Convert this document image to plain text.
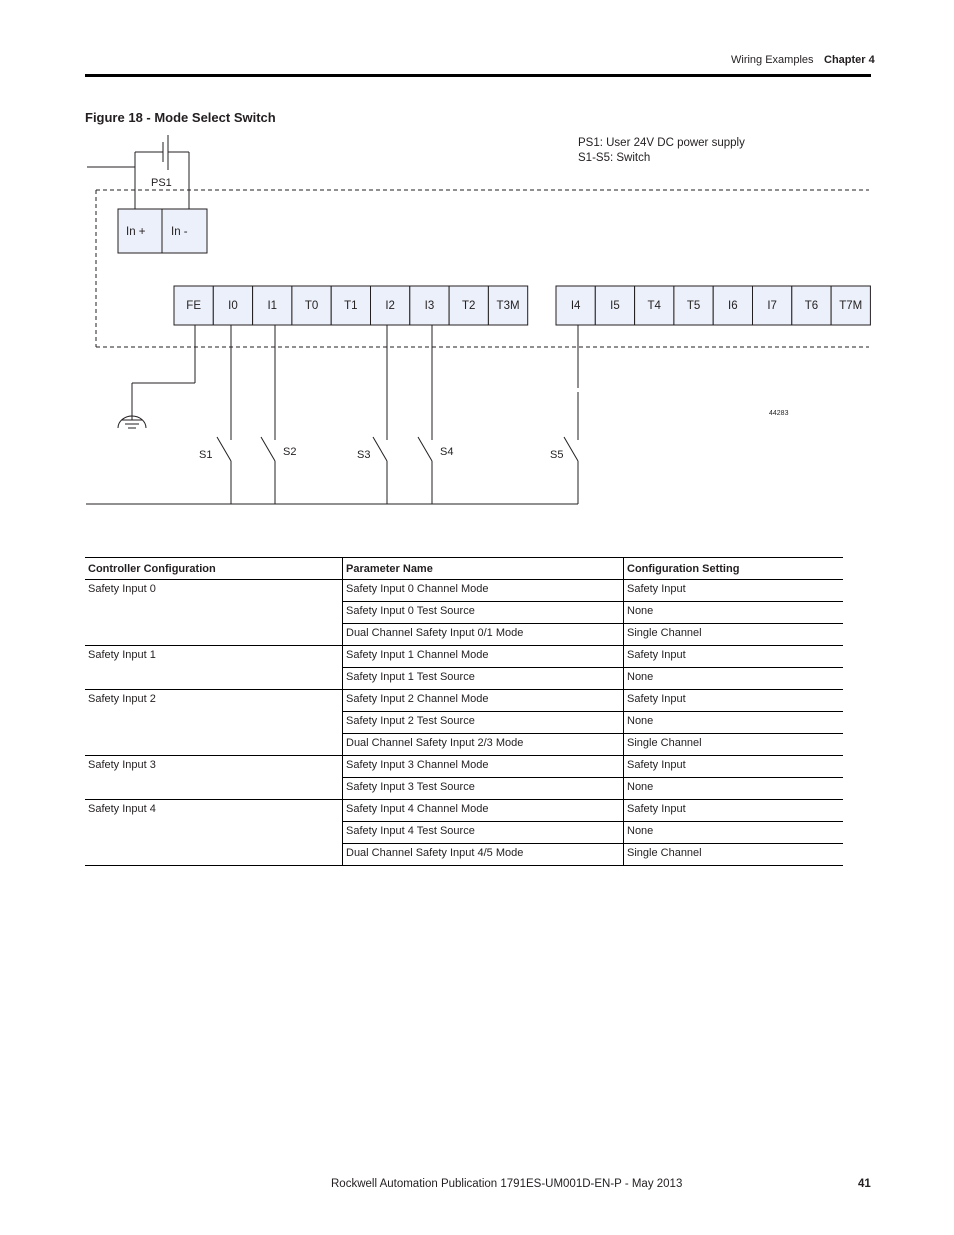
Wiring Examples Chapter 4
Figure 18 - Mode Select Switch
PS1: User 24V DC power supply
S1-S5: Switch
PS1
In + In -
FE I0	I1 T0 T1 I2	I3 T2 T3M	I4	I5 T4 T5 I6	I7 T6 T7M
S1	S2	S3	S4	S5
44283
Controller Configuration	Parameter Name	Configuration Setting
Safety Input 0	Safety Input 0 Channel Mode	Safety Input
	Safety Input 0 Test Source	None
	Dual Channel Safety Input 0/1 Mode	Single Channel
Safety Input 1	Safety Input 1 Channel Mode	Safety Input
	Safety Input 1 Test Source	None
Safety Input 2	Safety Input 2 Channel Mode	Safety Input
	Safety Input 2 Test Source	None
	Dual Channel Safety Input 2/3 Mode	Single Channel
Safety Input 3	Safety Input 3 Channel Mode	Safety Input
	Safety Input 3 Test Source	None
Safety Input 4	Safety Input 4 Channel Mode	Safety Input
	Safety Input 4 Test Source	None
	Dual Channel Safety Input 4/5 Mode	Single Channel
Rockwell Automation Publication 1791ES-UM001D-EN-P - May 2013	41
